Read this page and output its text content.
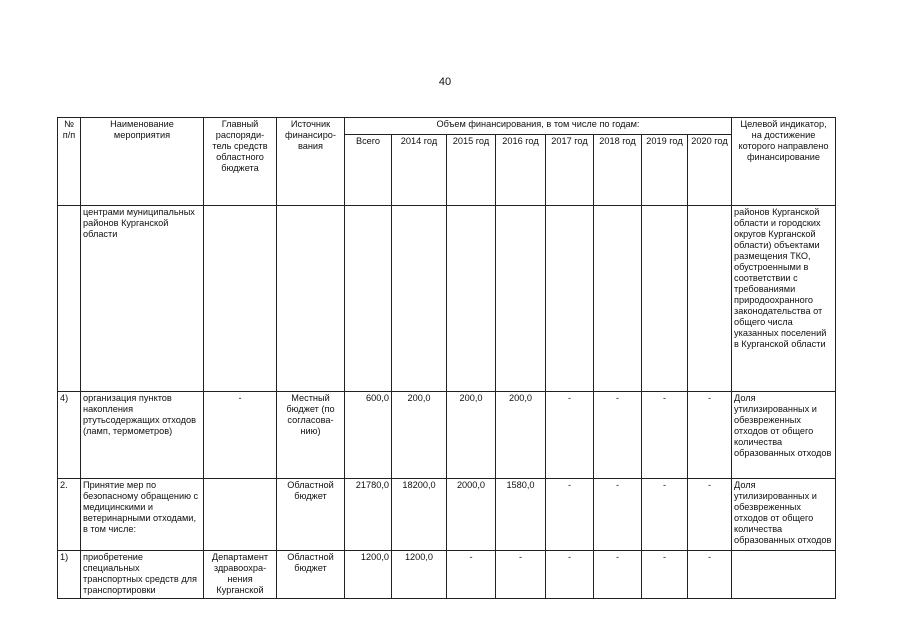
40
№ п/п	Наименование мероприятия	Главный распоряди- тель средств областного бюджета	Источник финансиро- вания	Объем финансирования, в том числе по годам:								Целевой индикатор, на достижение которого направлено финансирование
				Всего	2014 год	2015 год	2016 год	2017 год	2018 год	2019 год	2020 год	
	центрами муниципальных районов Курганской области											районов Курганской области и городских округов Курганской области) объектами размещения ТКО, обустроенными в соответствии с требованиями природоохранного законодательства от общего числа указанных поселений в Курганской области
4)	организация пунктов накопления ртутьсодержащих отходов (ламп, термометров)	-	Местный бюджет (по согласова- нию)	600,0	200,0	200,0	200,0	-	-	-	-	Доля утилизированных и обезвреженных отходов от общего количества образованных отходов
2.	Принятие мер по безопасному обращению с медицинскими и ветеринарными отходами, в том числе:		Областной бюджет	21780,0	18200,0	2000,0	1580,0	-	-	-	-	Доля утилизированных и обезвреженных отходов от общего количества образованных отходов
1)	приобретение специальных транспортных средств для транспортировки	Департамент здравоохра- нения Курганской	Областной бюджет	1200,0	1200,0	-	-	-	-	-	-	
